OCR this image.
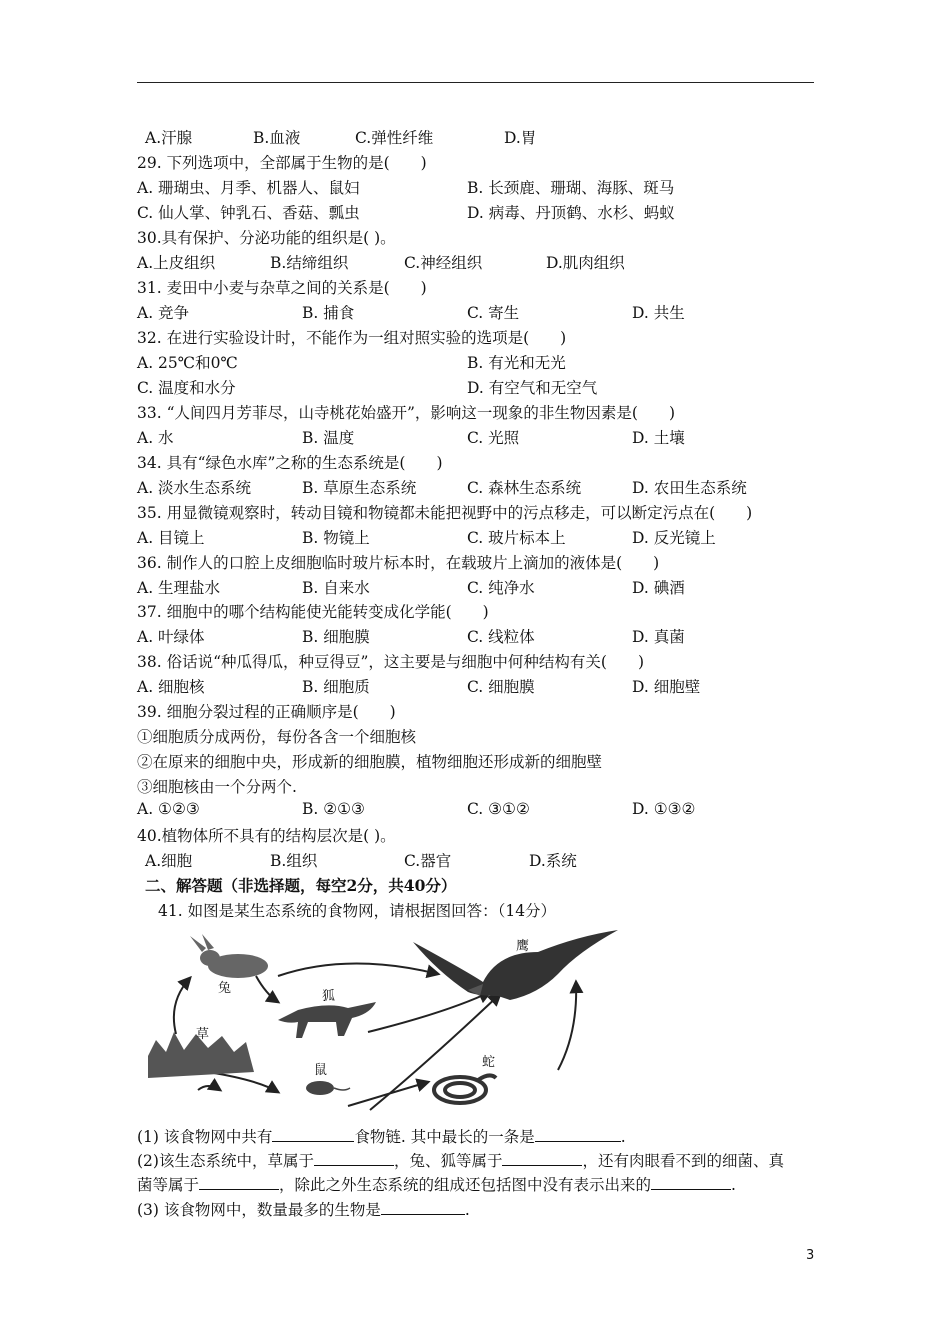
A.汗腺	B.血液	C.弹性纤维	D.胃
29. 下列选项中，全部属于生物的是(　　)
A. 珊瑚虫、月季、机器人、鼠妇	B. 长颈鹿、珊瑚、海豚、斑马
C. 仙人掌、钟乳石、香菇、瓢虫	D. 病毒、丹顶鹤、水杉、蚂蚁
30.具有保护、分泌功能的组织是( )。
A.上皮组织	B.结缔组织	C.神经组织	D.肌肉组织
31. 麦田中小麦与杂草之间的关系是(　　)
A. 竞争	B. 捕食	C. 寄生	D. 共生
32. 在进行实验设计时，不能作为一组对照实验的选项是(　　)
A. 25℃和0℃	B. 有光和无光
C. 温度和水分	D. 有空气和无空气
33. “人间四月芳菲尽，山寺桃花始盛开”，影响这一现象的非生物因素是(　　)
A. 水	B. 温度	C. 光照	D. 土壤
34. 具有“绿色水库”之称的生态系统是(　　)
A. 淡水生态系统	B. 草原生态系统	C. 森林生态系统	D. 农田生态系统
35. 用显微镜观察时，转动目镜和物镜都未能把视野中的污点移走，可以断定污点在(　　)
A. 目镜上	B. 物镜上	C. 玻片标本上	D. 反光镜上
36. 制作人的口腔上皮细胞临时玻片标本时，在载玻片上滴加的液体是(　　)
A. 生理盐水	B. 自来水	C. 纯净水	D. 碘酒
37. 细胞中的哪个结构能使光能转变成化学能(　　)
A. 叶绿体	B. 细胞膜	C. 线粒体	D. 真菌
38. 俗话说“种瓜得瓜，种豆得豆”，这主要是与细胞中何种结构有关(　　)
A. 细胞核	B. 细胞质	C. 细胞膜	D. 细胞壁
39. 细胞分裂过程的正确顺序是(　　)
①细胞质分成两份，每份各含一个细胞核
②在原来的细胞中央，形成新的细胞膜，植物细胞还形成新的细胞壁
③细胞核由一个分两个.
A. ①②③	B. ②①③	C. ③①②	D. ①③②
40.植物体所不具有的结构层次是( )。
A.细胞	B.组织	C.器官	D.系统
二、解答题（非选择题，每空2分，共40分）
41. 如图是某生态系统的食物网，请根据图回答：（14分）
鹰
兔
狐
草
鼠
蛇
(1) 该食物网中共有	食物链. 其中最长的一条是	.
(2)该生态系统中，草属于	，兔、狐等属于	，还有肉眼看不到的细菌、真
菌等属于	，除此之外生态系统的组成还包括图中没有表示出来的	.
(3) 该食物网中，数量最多的生物是	.
3
